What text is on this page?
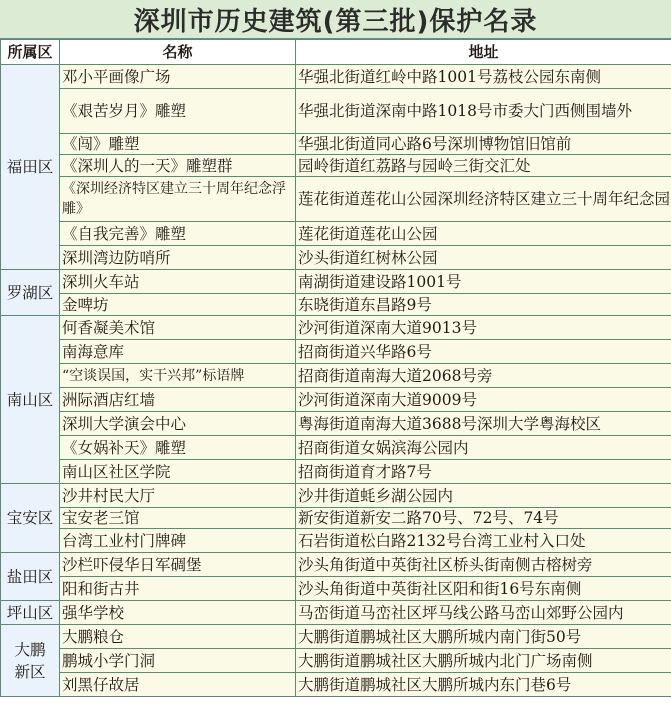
深圳市历史建筑(第三批)保护名录
所属区	名称	地址
福田区	邓小平画像广场	华强北街道红岭中路1001号荔枝公园东南侧
	《艰苦岁月》雕塑	华强北街道深南中路1018号市委大门西侧围墙外
	《闯》雕塑	华强北街道同心路6号深圳博物馆旧馆前
	《深圳人的一天》雕塑群	园岭街道红荔路与园岭三街交汇处
	《深圳经济特区建立三十周年纪念浮雕》	莲花街道莲花山公园深圳经济特区建立三十周年纪念园
	《自我完善》雕塑	莲花街道莲花山公园
	深圳湾边防哨所	沙头街道红树林公园
罗湖区	深圳火车站	南湖街道建设路1001号
	金啤坊	东晓街道东昌路9号
南山区	何香凝美术馆	沙河街道深南大道9013号
	南海意库	招商街道兴华路6号
	“空谈误国，实干兴邦”标语牌	招商街道南海大道2068号旁
	洲际酒店红墙	沙河街道深南大道9009号
	深圳大学演会中心	粤海街道南海大道3688号深圳大学粤海校区
	《女娲补天》雕塑	招商街道女娲滨海公园内
	南山区社区学院	招商街道育才路7号
宝安区	沙井村民大厅	沙井街道蚝乡湖公园内
	宝安老三馆	新安街道新安二路70号、72号、74号
	台湾工业村门牌碑	石岩街道松白路2132号台湾工业村入口处
盐田区	沙栏吓侵华日军碉堡	沙头角街道中英街社区桥头街南侧古榕树旁
	阳和街古井	沙头角街道中英街社区阳和街16号东南侧
坪山区	强华学校	马峦街道马峦社区坪马线公路马峦山郊野公园内
大鹏新区	大鹏粮仓	大鹏街道鹏城社区大鹏所城内南门街50号
	鹏城小学门洞	大鹏街道鹏城社区大鹏所城内北门广场南侧
	刘黑仔故居	大鹏街道鹏城社区大鹏所城内东门巷6号
